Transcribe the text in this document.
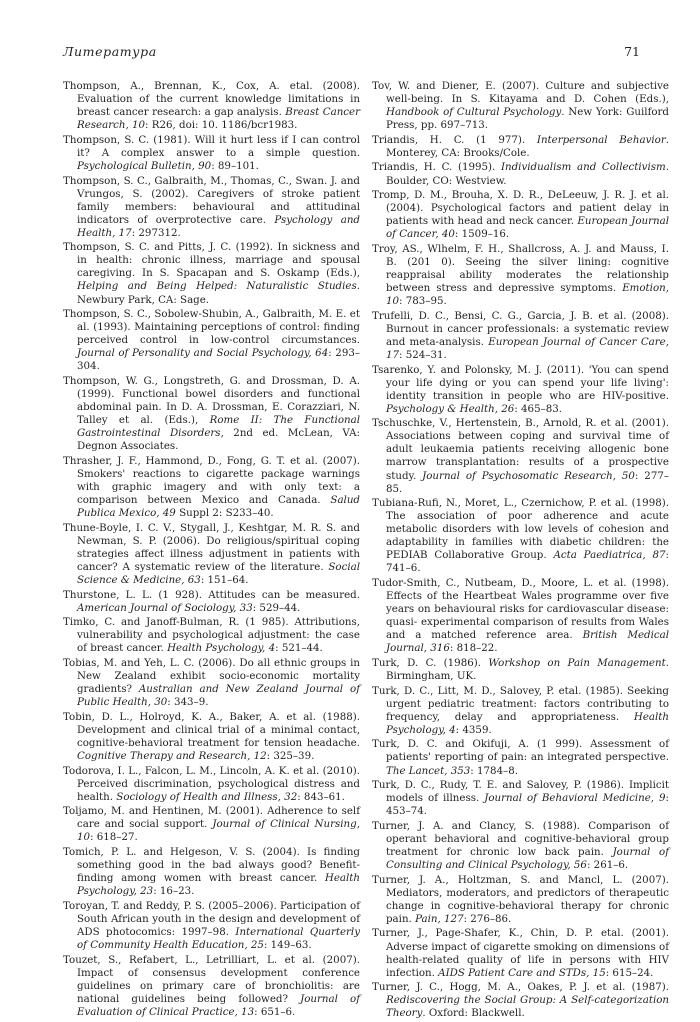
Литература	71

Thompson, A., Brennan, K., Cox, A. etal. (2008). Evaluation of the current knowledge limitations in breast cancer research: a gap analysis. Breast Cancer Research, 10: R26, doi: 10. 1186/bcr1983.

Thompson, S. C. (1981). Will it hurt less if I can control it? A complex answer to a simple question. Psychological Bulletin, 90: 89–101.

Thompson, S. C., Galbraith, M., Thomas, C., Swan. J. and Vrungos, S. (2002). Caregivers of stroke patient family members: behavioural and attitudinal indicators of overprotective care. Psychology and Health, 17: 297312.

Thompson, S. C. and Pitts, J. C. (1992). In sickness and in health: chronic illness, marriage and spousal caregiving. In S. Spacapan and S. Oskamp (Eds.), Helping and Being Helped: Naturalistic Studies. Newbury Park, CA: Sage.

Thompson, S. C., Sobolew-Shubin, A., Galbraith, M. E. et al. (1993). Maintaining perceptions of control: finding perceived control in low-control circumstances. Journal of Personality and Social Psychology, 64: 293–304.

Thompson, W. G., Longstreth, G. and Drossman, D. A. (1999). Functional bowel disorders and functional abdominal pain. In D. A. Drossman, E. Corazziari, N. Talley et al. (Eds.), Rome II: The Functional Gastrointestinal Disorders, 2nd ed. McLean, VA: Degnon Associates.

Thrasher, J. F., Hammond, D., Fong, G. T. et al. (2007). Smokers' reactions to cigarette package warnings with graphic imagery and with only text: a comparison between Mexico and Canada. Salud Publica Mexico, 49 Suppl 2: S233–40.

Thune-Boyle, I. C. V., Stygall, J., Keshtgar, M. R. S. and Newman, S. P. (2006). Do religious/spiritual coping strategies affect illness adjustment in patients with cancer? A systematic review of the literature. Social Science & Medicine, 63: 151–64.

Thurstone, L. L. (1 928). Attitudes can be measured. American Journal of Sociology, 33: 529–44.

Timko, C. and Janoff-Bulman, R. (1 985). Attributions, vulnerability and psychological adjustment: the case of breast cancer. Health Psychology, 4: 521–44.

Tobias, M. and Yeh, L. C. (2006). Do all ethnic groups in New Zealand exhibit socio-economic mortality gradients? Australian and New Zealand Journal of Public Health, 30: 343–9.

Tobin, D. L., Holroyd, K. A., Baker, A. et al. (1988). Development and clinical trial of a minimal contact, cognitive-behavioral treatment for tension headache. Cognitive Therapy and Research, 12: 325–39.

Todorova, I. L., Falcon, L. M., Lincoln, A. K. et al. (2010). Perceived discrimination, psychological distress and health. Sociology of Health and Illness, 32: 843–61.

Toljamo, M. and Hentinen, M. (2001). Adherence to self care and social support. Journal of Clinical Nursing, 10: 618–27.

Tomich, P. L. and Helgeson, V. S. (2004). Is finding something good in the bad always good? Benefit-finding among women with breast cancer. Health Psychology, 23: 16–23.

Toroyan, T. and Reddy, P. S. (2005–2006). Participation of South African youth in the design and development of ADS photocomics: 1997–98. International Quarterly of Community Health Education, 25: 149–63.

Touzet, S., Refabert, L., Letrilliart, L. et al. (2007). Impact of consensus development conference guidelines on primary care of bronchiolitis: are national guidelines being followed? Journal of Evaluation of Clinical Practice, 13: 651–6.

Tov, W. and Diener, E. (2007). Culture and subjective well-being. In S. Kitayama and D. Cohen (Eds.), Handbook of Cultural Psychology. New York: Guilford Press, pp. 697–713.

Triandis, H. C. (1 977). Interpersonal Behavior. Monterey, CA: Brooks/Cole.

Triandis, H. C. (1995). Individualism and Collectivism. Boulder, CO: Westview.

Tromp, D. M., Brouha, X. D. R., DeLeeuw, J. R. J. et al. (2004). Psychological factors and patient delay in patients with head and neck cancer. European Journal of Cancer, 40: 1509–16.

Troy, AS., Wlhelm, F. H., Shallcross, A. J. and Mauss, I. B. (201 0). Seeing the silver lining: cognitive reappraisal ability moderates the relationship between stress and depressive symptoms. Emotion, 10: 783–95.

Trufelli, D. C., Bensi, C. G., Garcia, J. B. et al. (2008). Burnout in cancer professionals: a systematic review and meta-analysis. European Journal of Cancer Care, 17: 524–31.

Tsarenko, Y. and Polonsky, M. J. (2011). 'You can spend your life dying or you can spend your life living': identity transition in people who are HIV-positive. Psychology & Health, 26: 465–83.

Tschuschke, V., Hertenstein, B., Arnold, R. et al. (2001). Associations between coping and survival time of adult leukaemia patients receiving allogenic bone marrow transplantation: results of a prospective study. Journal of Psychosomatic Research, 50: 277–85.

Tubiana-Rufi, N., Moret, L., Czernichow, P. et al. (1998). The association of poor adherence and acute metabolic disorders with low levels of cohesion and adaptability in families with diabetic children: the PEDIAB Collaborative Group. Acta Paediatrica, 87: 741–6.

Tudor-Smith, C., Nutbeam, D., Moore, L. et al. (1998). Effects of the Heartbeat Wales programme over five years on behavioural risks for cardiovascular disease: quasi- experimental comparison of results from Wales and a matched reference area. British Medical Journal, 316: 818–22.

Turk, D. C. (1986). Workshop on Pain Management. Birmingham, UK.

Turk, D. C., Litt, M. D., Salovey, P. etal. (1985). Seeking urgent pediatric treatment: factors contributing to frequency, delay and appropriateness. Health Psychology, 4: 4359.

Turk, D. C. and Okifuji, A. (1 999). Assessment of patients' reporting of pain: an integrated perspective. The Lancet, 353: 1784–8.

Turk, D. C., Rudy, T. E. and Salovey, P. (1986). Implicit models of illness. Journal of Behavioral Medicine, 9: 453–74.

Turner, J. A. and Clancy, S. (1988). Comparison of operant behavioral and cognitive-behavioral group treatment for chronic low back pain. Journal of Consulting and Clinical Psychology, 56: 261–6.

Turner, J. A., Holtzman, S. and Mancl, L. (2007). Mediators, moderators, and predictors of therapeutic change in cognitive-behavioral therapy for chronic pain. Pain, 127: 276–86.

Turner, J., Page-Shafer, K., Chin, D. P. etal. (2001). Adverse impact of cigarette smoking on dimensions of health-related quality of life in persons with HIV infection. AIDS Patient Care and STDs, 15: 615–24.

Turner, J. C., Hogg, M. A., Oakes, P. J. et al. (1987). Rediscovering the Social Group: A Self-categorization Theory. Oxford: Blackwell.
